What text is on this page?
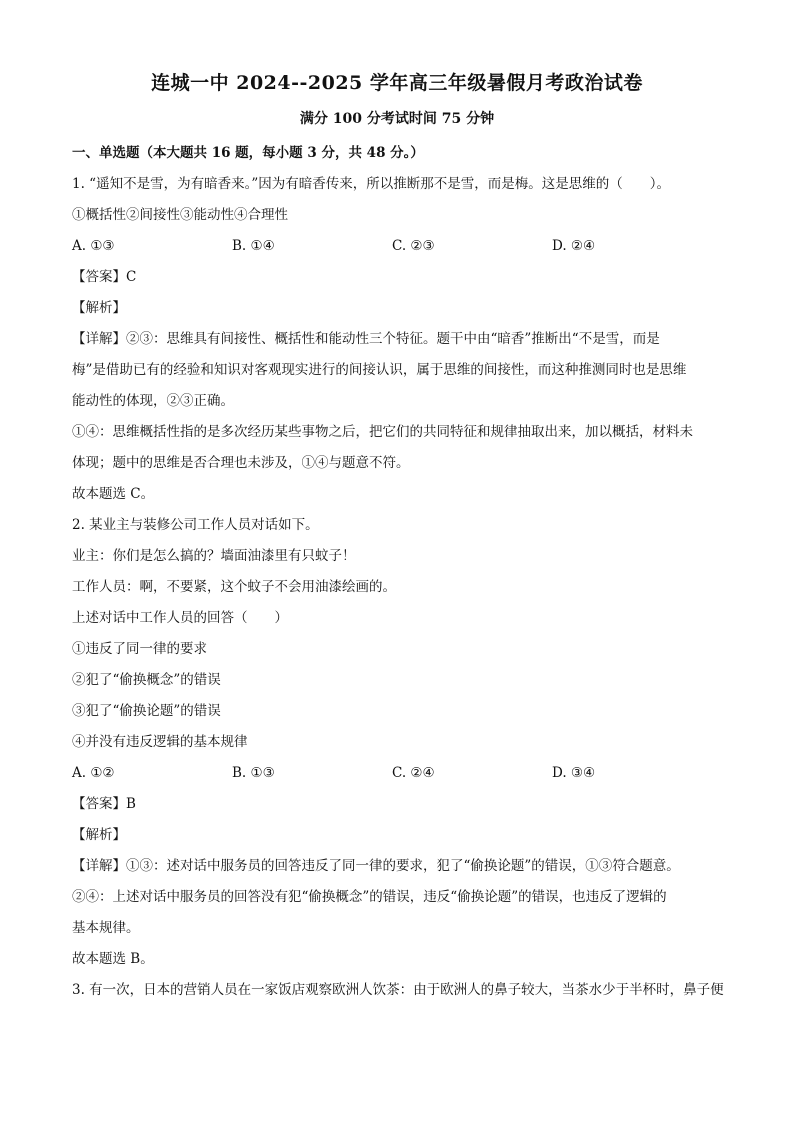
连城一中 2024--2025 学年高三年级暑假月考政治试卷
满分 100 分考试时间 75 分钟
一、单选题（本大题共 16 题，每小题 3 分，共 48 分。）
1. “遥知不是雪，为有暗香来。”因为有暗香传来，所以推断那不是雪，而是梅。这是思维的（　　）。
①概括性②间接性③能动性④合理性
A. ①③	B. ①④	C. ②③	D. ②④
【答案】C
【解析】
【详解】②③：思维具有间接性、概括性和能动性三个特征。题干中由“暗香”推断出“不是雪，而是
梅”是借助已有的经验和知识对客观现实进行的间接认识，属于思维的间接性，而这种推测同时也是思维
能动性的体现，②③正确。
①④：思维概括性指的是多次经历某些事物之后，把它们的共同特征和规律抽取出来，加以概括，材料未
体现；题中的思维是否合理也未涉及，①④与题意不符。
故本题选 C。
2. 某业主与装修公司工作人员对话如下。
业主：你们是怎么搞的？墙面油漆里有只蚊子！
工作人员：啊，不要紧，这个蚊子不会用油漆绘画的。
上述对话中工作人员的回答（　　）
①违反了同一律的要求
②犯了“偷换概念”的错误
③犯了“偷换论题”的错误
④并没有违反逻辑的基本规律
A. ①②	B. ①③	C. ②④	D. ③④
【答案】B
【解析】
【详解】①③：述对话中服务员的回答违反了同一律的要求，犯了“偷换论题”的错误，①③符合题意。
②④：上述对话中服务员的回答没有犯“偷换概念”的错误，违反“偷换论题”的错误，也违反了逻辑的
基本规律。
故本题选 B。
3. 有一次，日本的营销人员在一家饭店观察欧洲人饮茶：由于欧洲人的鼻子较大，当茶水少于半杯时，鼻子便
